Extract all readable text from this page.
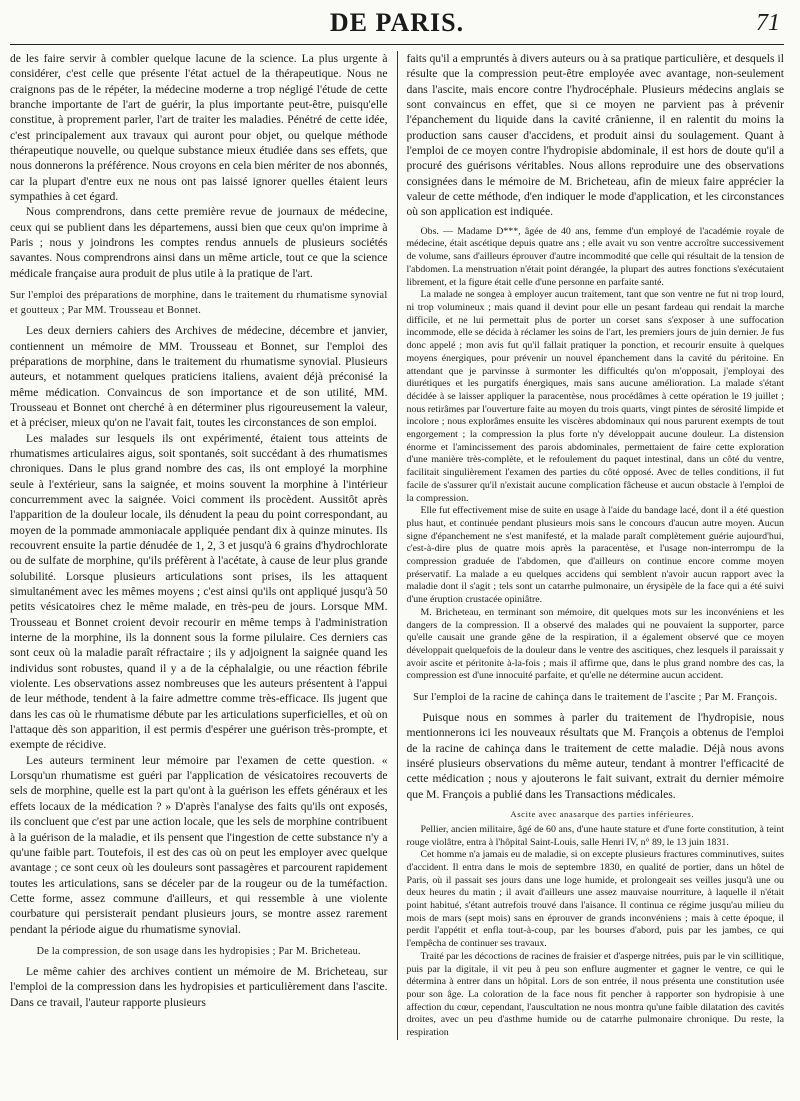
DE PARIS.	71

de les faire servir à combler quelque lacune de la science. La plus urgente à considérer, c'est celle que présente l'état actuel de la thérapeutique. Nous ne craignons pas de le répéter, la médecine moderne a trop négligé l'étude de cette branche importante de l'art de guérir, la plus importante peut-être, puisqu'elle constitue, à proprement parler, l'art de traiter les maladies. Pénétré de cette idée, c'est principalement aux travaux qui auront pour objet, ou quelque méthode thérapeutique nouvelle, ou quelque substance mieux étudiée dans ses effets, que nous donnerons la préférence. Nous croyons en cela bien mériter de nos abonnés, car la plupart d'entre eux ne nous ont pas laissé ignorer quelles étaient leurs sympathies à cet égard.

Nous comprendrons, dans cette première revue de journaux de médecine, ceux qui se publient dans les départemens, aussi bien que ceux qu'on imprime à Paris ; nous y joindrons les comptes rendus annuels de plusieurs sociétés savantes. Nous comprendrons ainsi dans un même article, tout ce que la science médicale française aura produit de plus utile à la pratique de l'art.

Sur l'emploi des préparations de morphine, dans le traitement du rhumatisme synovial et goutteux ; Par MM. Trousseau et Bonnet.

Les deux derniers cahiers des Archives de médecine, décembre et janvier, contiennent un mémoire de MM. Trousseau et Bonnet, sur l'emploi des préparations de morphine, dans le traitement du rhumatisme synovial. Plusieurs auteurs, et notamment quelques praticiens italiens, avaient déjà préconisé la même médication. Convaincus de son importance et de son utilité, MM. Trousseau et Bonnet ont cherché à en déterminer plus rigoureusement la valeur, et à préciser, mieux qu'on ne l'avait fait, toutes les circonstances de son emploi.

Les malades sur lesquels ils ont expérimenté, étaient tous atteints de rhumatismes articulaires aigus, soit spontanés, soit succédant à des rhumatismes chroniques. Dans le plus grand nombre des cas, ils ont employé la morphine seule à l'extérieur, sans la saignée, et moins souvent la morphine à l'intérieur concurremment avec la saignée. Voici comment ils procèdent. Aussitôt après l'apparition de la douleur locale, ils dénudent la peau du point correspondant, au moyen de la pommade ammoniacale appliquée pendant dix à quinze minutes. Ils recouvrent ensuite la partie dénudée de 1, 2, 3 et jusqu'à 6 grains d'hydrochlorate ou de sulfate de morphine, qu'ils préfèrent à l'acétate, à cause de leur plus grande solubilité. Lorsque plusieurs articulations sont prises, ils les attaquent simultanément avec les mêmes moyens ; c'est ainsi qu'ils ont appliqué jusqu'à 50 petits vésicatoires chez le même malade, en très-peu de jours. Lorsque MM. Trousseau et Bonnet croient devoir recourir en même temps à l'administration interne de la morphine, ils la donnent sous la forme pilulaire. Ces derniers cas sont ceux où la maladie paraît réfractaire ; ils y adjoignent la saignée quand les individus sont robustes, quand il y a de la céphalalgie, ou une réaction fébrile violente. Les observations assez nombreuses que les auteurs présentent à l'appui de leur méthode, tendent à la faire admettre comme très-efficace. Ils jugent que dans les cas où le rhumatisme débute par les articulations superficielles, et où on l'attaque dès son apparition, il est permis d'espérer une guérison très-prompte, et exempte de récidive.

Les auteurs terminent leur mémoire par l'examen de cette question. « Lorsqu'un rhumatisme est guéri par l'application de vésicatoires recouverts de sels de morphine, quelle est la part qu'ont à la guérison les effets généraux et les effets locaux de la médication ? » D'après l'analyse des faits qu'ils ont exposés, ils concluent que c'est par une action locale, que les sels de morphine contribuent à la guérison de la maladie, et ils pensent que l'ingestion de cette substance n'y a qu'une faible part. Toutefois, il est des cas où on peut les employer avec quelque avantage ; ce sont ceux où les douleurs sont passagères et parcourent rapidement toutes les articulations, sans se déceler par de la rougeur ou de la tuméfaction. Cette forme, assez commune d'ailleurs, et qui ressemble à une violente courbature qui persisterait pendant plusieurs jours, se montre assez rarement pendant la période aigue du rhumatisme synovial.

De la compression, de son usage dans les hydropisies ; Par M. Bricheteau.

Le même cahier des archives contient un mémoire de M. Bricheteau, sur l'emploi de la compression dans les hydropisies et particulièrement dans l'ascite. Dans ce travail, l'auteur rapporte plusieurs

faits qu'il a empruntés à divers auteurs ou à sa pratique particulière, et desquels il résulte que la compression peut-être employée avec avantage, non-seulement dans l'ascite, mais encore contre l'hydrocéphale. Plusieurs médecins anglais se sont convaincus en effet, que si ce moyen ne parvient pas à prévenir l'épanchement du liquide dans la cavité crânienne, il en ralentit du moins la production sans causer d'accidens, et produit ainsi du soulagement. Quant à l'emploi de ce moyen contre l'hydropisie abdominale, il est hors de doute qu'il a procuré des guérisons véritables. Nous allons reproduire une des observations consignées dans le mémoire de M. Bricheteau, afin de mieux faire apprécier la valeur de cette méthode, d'en indiquer le mode d'application, et les circonstances où son application est indiquée.

Obs. — Madame D***, âgée de 40 ans, femme d'un employé de l'académie royale de médecine, était ascétique depuis quatre ans ; elle avait vu son ventre accroître successivement de volume, sans d'ailleurs éprouver d'autre incommodité que celle qui résultait de la tension de l'abdomen. La menstruation n'était point dérangée, la plupart des autres fonctions s'exécutaient librement, et la figure était celle d'une personne en parfaite santé.

La malade ne songea à employer aucun traitement, tant que son ventre ne fut ni trop lourd, ni trop volumineux ; mais quand il devint pour elle un pesant fardeau qui rendait la marche difficile, et ne lui permettait plus de porter un corset sans s'exposer à une suffocation incommode, elle se décida à réclamer les soins de l'art, les premiers jours de juin dernier. Je fus donc appelé ; mon avis fut qu'il fallait pratiquer la ponction, et recourir ensuite à quelques moyens énergiques, pour prévenir un nouvel épanchement dans la cavité du péritoine. En attendant que je parvinsse à surmonter les difficultés qu'on m'opposait, j'employai des diurétiques et les purgatifs énergiques, mais sans aucune amélioration. La malade s'étant décidée à se laisser appliquer la paracentèse, nous procédâmes à cette opération le 19 juillet ; nous retirâmes par l'ouverture faite au moyen du trois quarts, vingt pintes de sérosité limpide et incolore ; nous explorâmes ensuite les viscères abdominaux qui nous parurent exempts de tout engorgement ; la compression la plus forte n'y développait aucune douleur. La distension énorme et l'amincissement des parois abdominales, permettaient de faire cette exploration d'une manière très-complète, et le refoulement du paquet intestinal, dans un côté du ventre, facilitait singulièrement l'examen des parties du côté opposé. Avec de telles conditions, il fut facile de s'assurer qu'il n'existait aucune complication fâcheuse et aucun obstacle à l'emploi de la compression.

Elle fut effectivement mise de suite en usage à l'aide du bandage lacé, dont il a été question plus haut, et continuée pendant plusieurs mois sans le concours d'aucun autre moyen. Aucun signe d'épanchement ne s'est manifesté, et la malade paraît complètement guérie aujourd'hui, c'est-à-dire plus de quatre mois après la paracentèse, et l'usage non-interrompu de la compression graduée de l'abdomen, que d'ailleurs on continue encore comme moyen préservatif. La malade a eu quelques accidens qui semblent n'avoir aucun rapport avec la maladie dont il s'agit ; tels sont un catarrhe pulmonaire, un érysipèle de la face qui a été suivi d'une éruption crustacée opiniâtre.

M. Bricheteau, en terminant son mémoire, dit quelques mots sur les inconvéniens et les dangers de la compression. Il a observé des malades qui ne pouvaient la supporter, parce qu'elle causait une grande gêne de la respiration, il a également observé que ce moyen développait quelquefois de la douleur dans le ventre des ascitiques, chez lesquels il paraissait y avoir ascite et péritonite à-la-fois ; mais il affirme que, dans le plus grand nombre des cas, la compression est d'une innocuité parfaite, et qu'elle ne détermine aucun accident.

Sur l'emploi de la racine de cahinça dans le traitement de l'ascite ; Par M. François.

Puisque nous en sommes à parler du traitement de l'hydropisie, nous mentionnerons ici les nouveaux résultats que M. François a obtenus de l'emploi de la racine de cahinça dans le traitement de cette maladie. Déjà nous avons inséré plusieurs observations du même auteur, tendant à montrer l'efficacité de cette médication ; nous y ajouterons le fait suivant, extrait du dernier mémoire que M. François a publié dans les Transactions médicales.

Ascite avec anasarque des parties inférieures.

Pellier, ancien militaire, âgé de 60 ans, d'une haute stature et d'une forte constitution, à teint rouge violâtre, entra à l'hôpital Saint-Louis, salle Henri IV, n° 89, le 13 juin 1831.

Cet homme n'a jamais eu de maladie, si on excepte plusieurs fractures comminutives, suites d'accident. Il entra dans le mois de septembre 1830, en qualité de portier, dans un hôtel de Paris, où il passait ses jours dans une loge humide, et prolongeait ses veilles jusqu'à une ou deux heures du matin ; il avait d'ailleurs une assez mauvaise nourriture, à laquelle il n'était point habitué, s'étant autrefois trouvé dans l'aisance. Il continua ce régime jusqu'au milieu du mois de mars (sept mois) sans en éprouver de grands inconvéniens ; mais à cette époque, il perdit l'appétit et enfla tout-à-coup, par les bourses d'abord, puis par les jambes, ce qui l'empêcha de continuer ses travaux.

Traité par les décoctions de racines de fraisier et d'asperge nitrées, puis par le vin scillitique, puis par la digitale, il vit peu à peu son enflure augmenter et gagner le ventre, ce qui le détermina à entrer dans un hôpital. Lors de son entrée, il nous présenta une constitution usée pour son âge. La coloration de la face nous fit pencher à rapporter son hydropisie à une affection du cœur, cependant, l'auscultation ne nous montra qu'une faible dilatation des cavités droites, avec un peu d'asthme humide ou de catarrhe pulmonaire chronique. Du reste, la respiration
